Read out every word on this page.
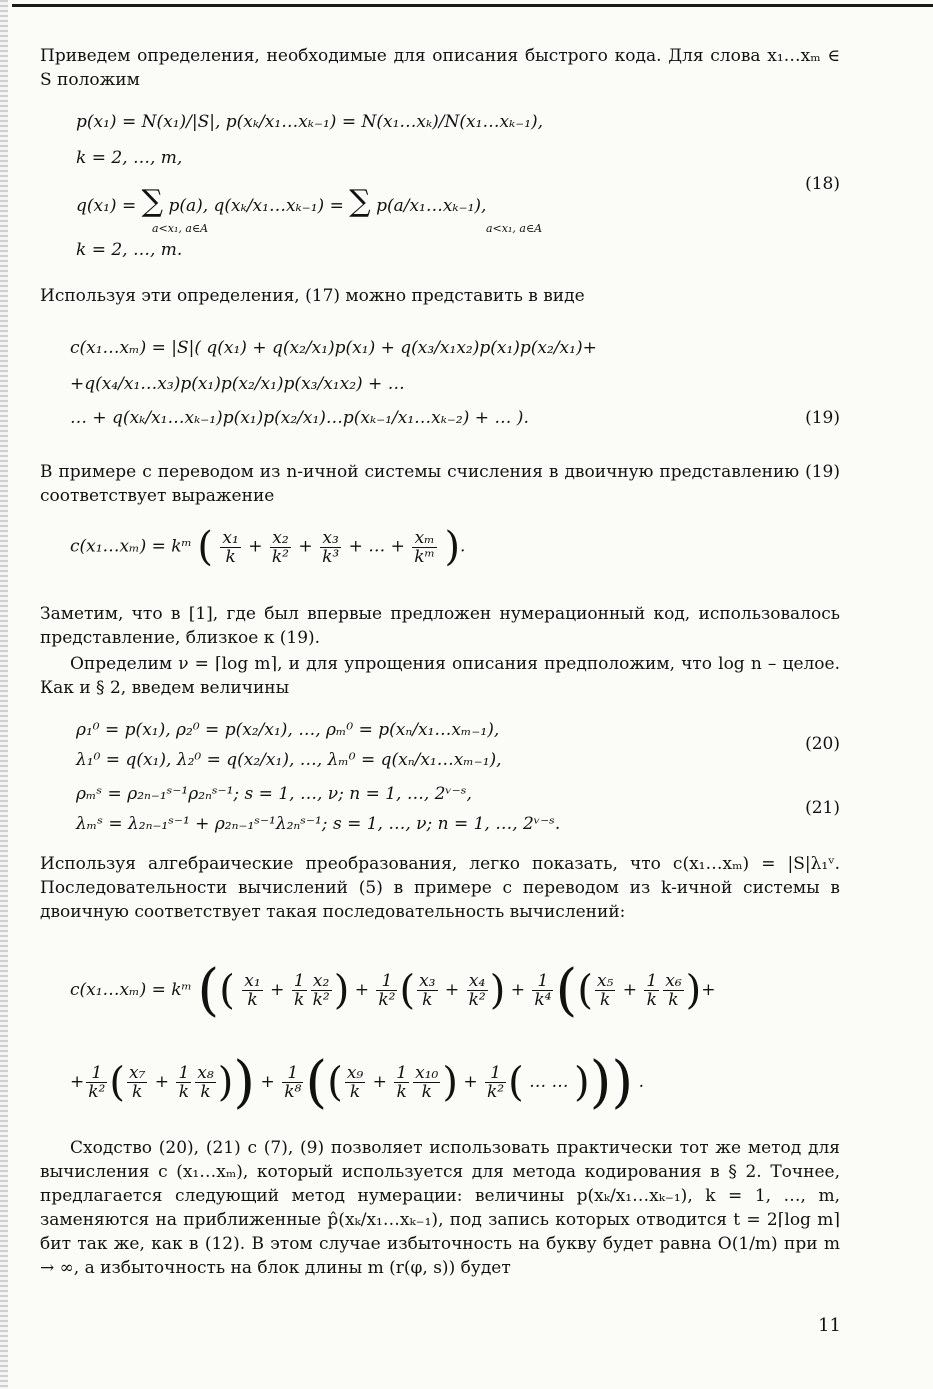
Приведем определения, необходимые для описания быстрого кода. Для слова x₁…xₘ ∈ S положим

p(x₁) = N(x₁)/|S|, p(xₖ/x₁…xₖ₋₁) = N(x₁…xₖ)/N(x₁…xₖ₋₁),
k = 2, …, m,
q(x₁) = ∑ p(a), q(xₖ/x₁…xₖ₋₁) = ∑ p(a/x₁…xₖ₋₁),
a<x₁, a∈A	a<x₁, a∈A
k = 2, …, m.
(18)

Используя эти определения, (17) можно представить в виде

c(x₁…xₘ) = |S|( q(x₁) + q(x₂/x₁)p(x₁) + q(x₃/x₁x₂)p(x₁)p(x₂/x₁)+
+q(x₄/x₁…x₃)p(x₁)p(x₂/x₁)p(x₃/x₁x₂) + …
… + q(xₖ/x₁…xₖ₋₁)p(x₁)p(x₂/x₁)…p(xₖ₋₁/x₁…xₖ₋₂) + … ).	(19)

В примере с переводом из n-ичной системы счисления в двоичную представлению (19) соответствует выражение

c(x₁…xₘ) = kᵐ ( $\frac{\text{x₁}}{k} + \frac{\text{x₂}}{\text{k²}} + \frac{\text{x₃}}{\text{k³}}$ + … + $\frac{\text{xₘ}}{\text{kᵐ}}$ ).

Заметим, что в [1], где был впервые предложен нумерационный код, использовалось представление, близкое к (19).

Определим ν = ⌈log m⌉, и для упрощения описания предположим, что log n – целое. Как и § 2, введем величины

ρ₁⁰ = p(x₁), ρ₂⁰ = p(x₂/x₁), …, ρₘ⁰ = p(xₙ/x₁…xₘ₋₁),
λ₁⁰ = q(x₁), λ₂⁰ = q(x₂/x₁), …, λₘ⁰ = q(xₙ/x₁…xₘ₋₁),
(20)
ρₘˢ = ρ₂ₙ₋₁ˢ⁻¹ρ₂ₙˢ⁻¹; s = 1, …, ν; n = 1, …, 2ᵛ⁻ˢ,
λₘˢ = λ₂ₙ₋₁ˢ⁻¹ + ρ₂ₙ₋₁ˢ⁻¹λ₂ₙˢ⁻¹; s = 1, …, ν; n = 1, …, 2ᵛ⁻ˢ.
(21)

Используя алгебраические преобразования, легко показать, что c(x₁…xₘ) = |S|λ₁ᵛ. Последовательности вычислений (5) в примере с переводом из k-ичной системы в двоичную соответствует такая последовательность вычислений:

c(x₁…xₘ) = kᵐ (( $\frac{\text{x₁}}{k} + \frac{1}{k} \frac{\text{x₂}}{\text{k²}}$ ) + $\frac{1}{\text{k²}}$ ( $\frac{\text{x₃}}{k} + \frac{\text{x₄}}{\text{k²}}$ ) + $\frac{1}{\text{k⁴}}$ (( $\frac{\text{x₅}}{k} + \frac{1}{k} \frac{\text{x₆}}{k}$ )+
+ $\frac{1}{\text{k²}}$ ( $\frac{\text{x₇}}{k} + \frac{1}{k} \frac{\text{x₈}}{k}$ )) + $\frac{1}{\text{k⁸}}$ (( $\frac{\text{x₉}}{k} + \frac{1}{k} \frac{\text{x₁₀}}{k}$ ) + $\frac{1}{\text{k²}}$ ( … … ))) .

Сходство (20), (21) с (7), (9) позволяет использовать практически тот же метод для вычисления c (x₁…xₘ), который используется для метода кодирования в § 2. Точнее, предлагается следующий метод нумерации: величины p(xₖ/x₁…xₖ₋₁), k = 1, …, m, заменяются на приближенные p̂(xₖ/x₁…xₖ₋₁), под запись которых отводится t = 2⌈log m⌉ бит так же, как в (12). В этом случае избыточность на букву будет равна O(1/m) при m → ∞, а избыточность на блок длины m (r(φ, s)) будет

11
